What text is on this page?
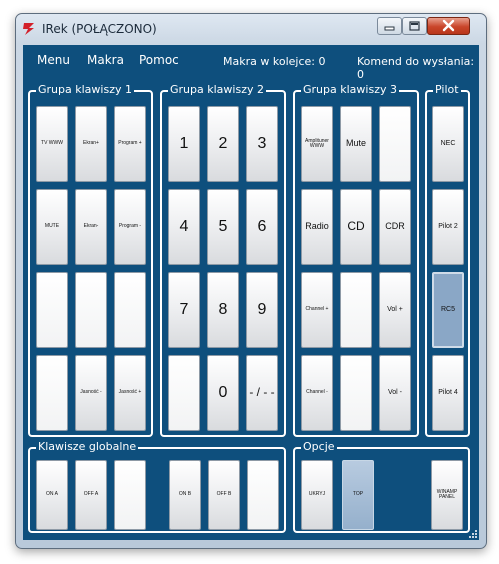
IRek (POŁĄCZONO)
Menu Makra Pomoc	Makra w kolejce: 0	Komend do wysłania: 0
Grupa klawiszy 1
TV WWW	Ekran+	Program +
MUTE	Ekran-	Program -
Jasność -	Jasność +
Grupa klawiszy 2
1	2	3
4	5	6
7	8	9
0	- / - -
Grupa klawiszy 3
Amplituner WWW	Mute
Radio	CD	CDR
Channel +	Vol +
Channel -	Vol -
Pilot
NEC
Pilot 2
RC5
Pilot 4
Klawisze globalne
ON A	OFF A	ON B	OFF B
Opcje
UKRYJ	TOP	WINAMP PANEL
